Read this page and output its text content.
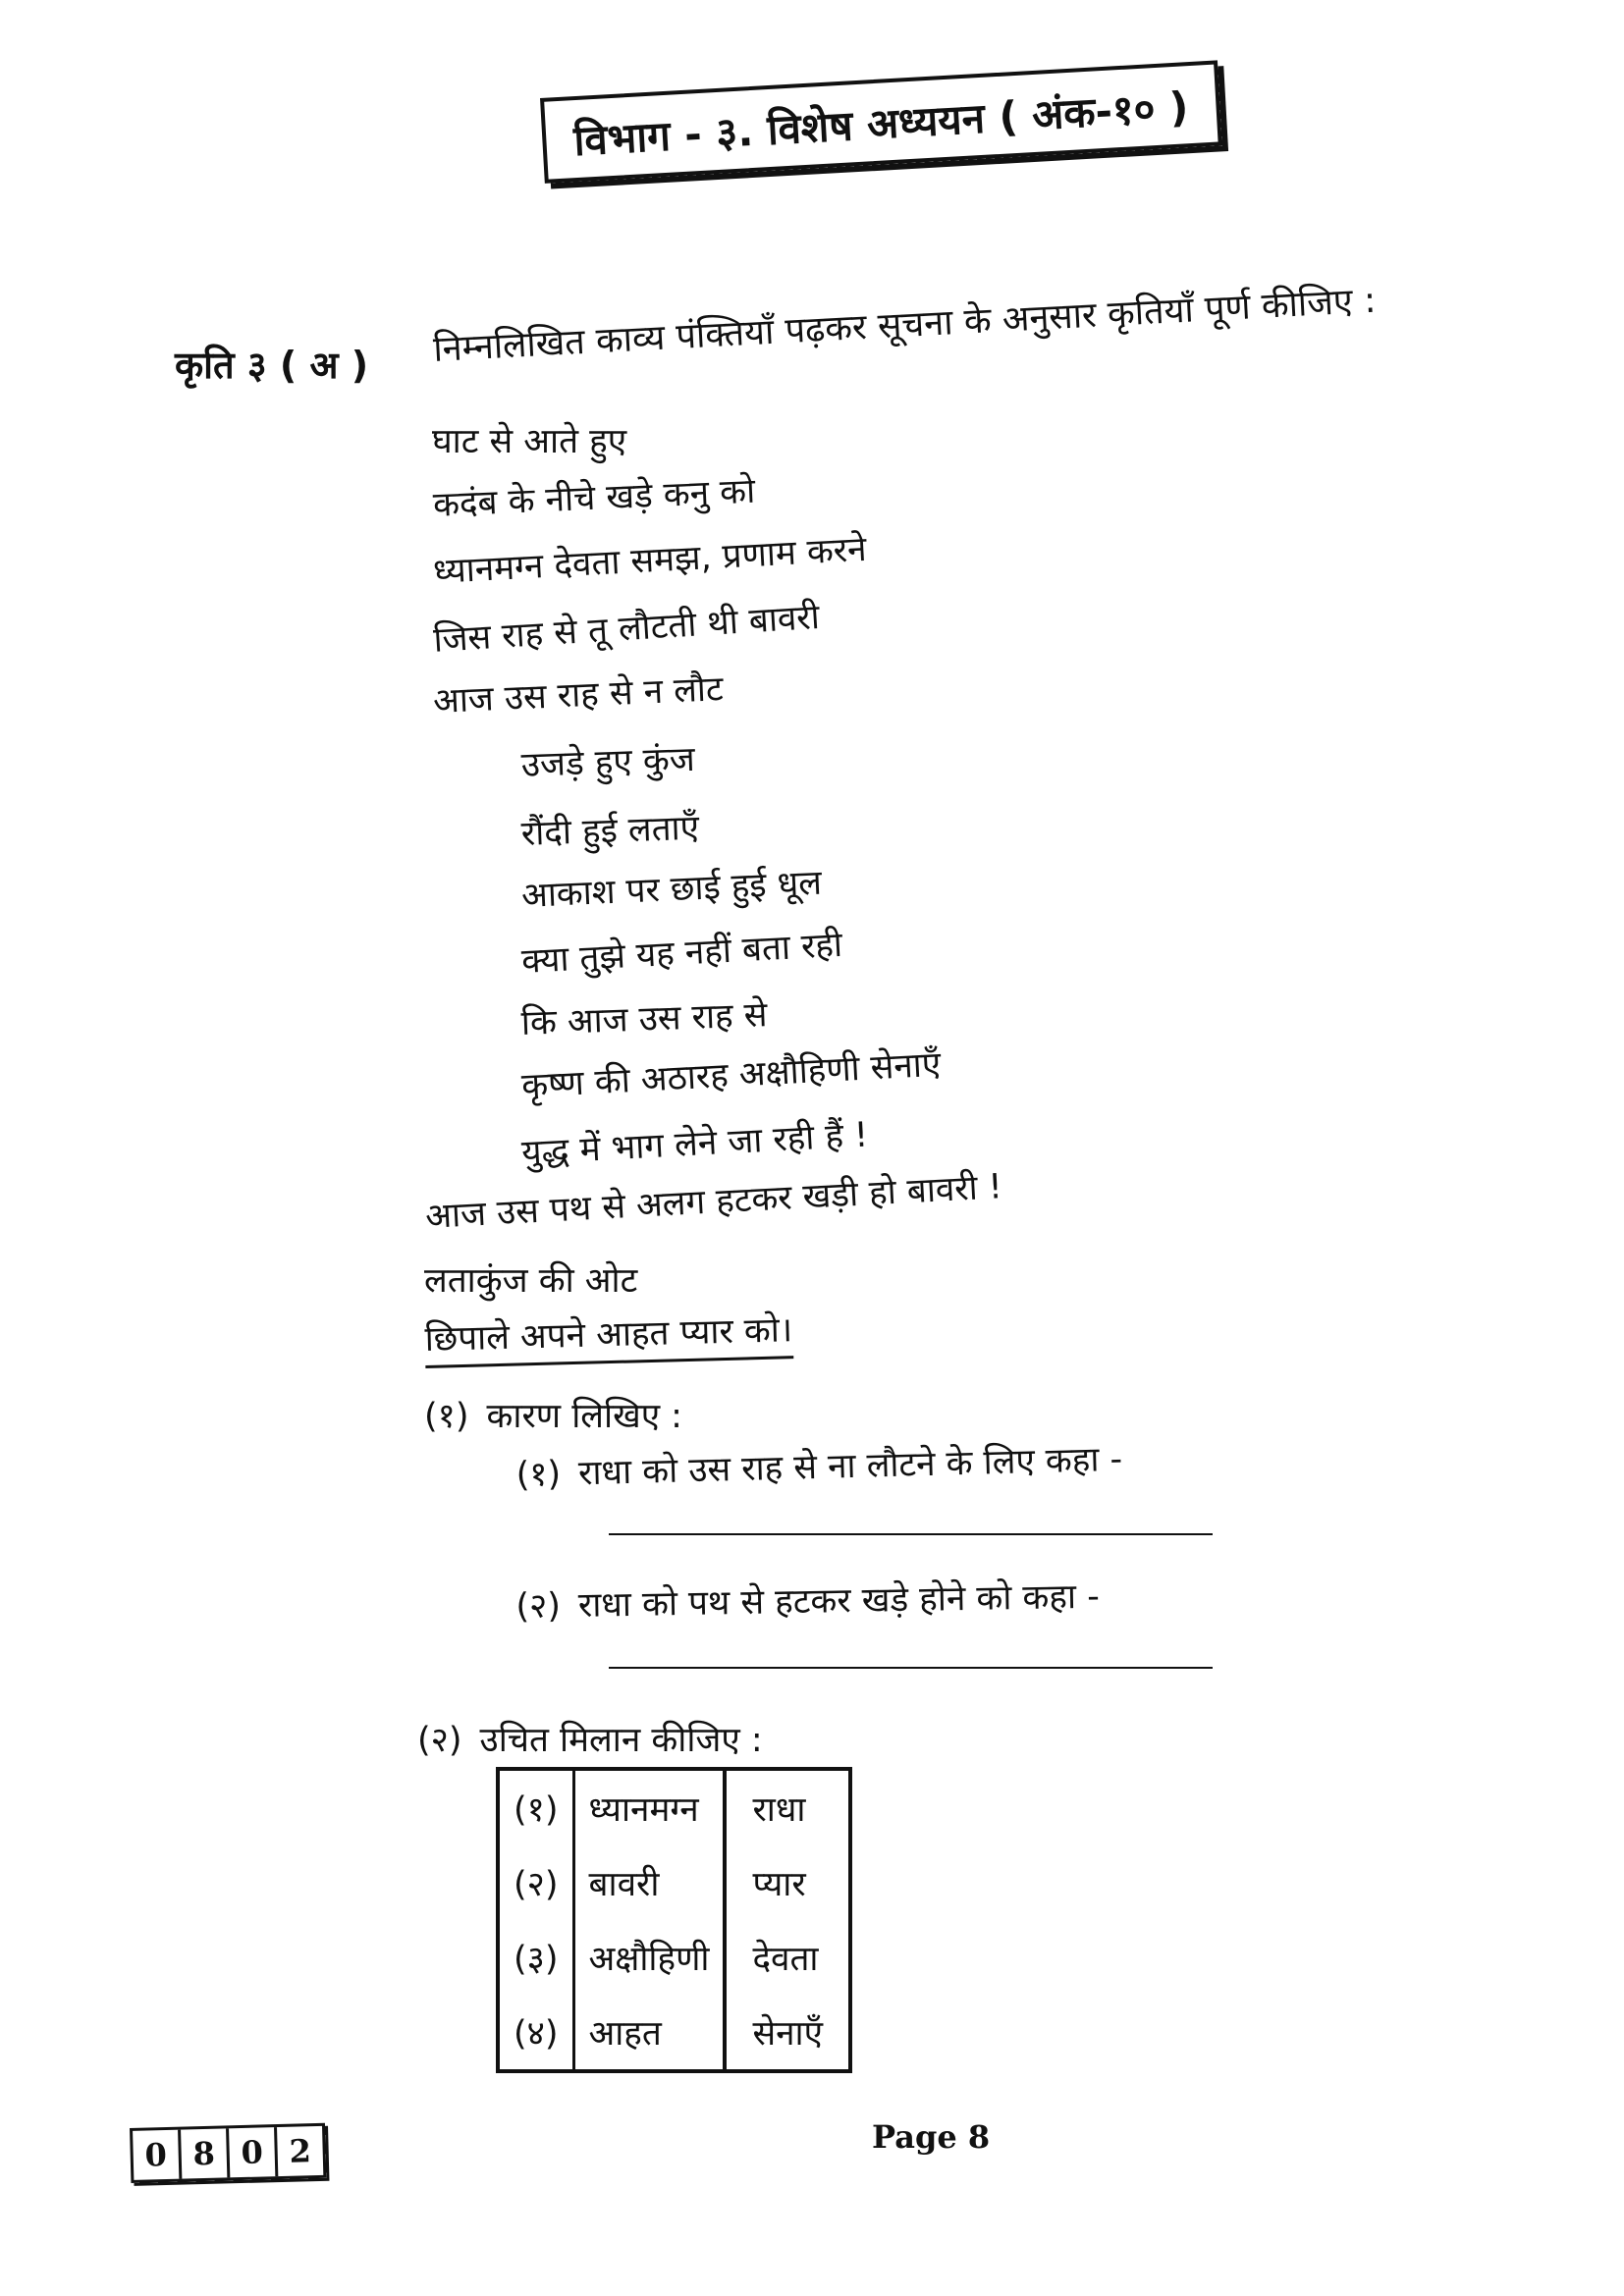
विभाग - ३. विशेष अध्ययन ( अंक-१० )
कृति ३ ( अ ) निम्नलिखित काव्य पंक्तियाँ पढ़कर सूचना के अनुसार कृतियाँ पूर्ण कीजिए :
घाट से आते हुए
कदंब के नीचे खड़े कनु को
ध्यानमग्न देवता समझ, प्रणाम करने
जिस राह से तू लौटती थी बावरी
आज उस राह से न लौट
उजड़े हुए कुंज
रौंदी हुई लताएँ
आकाश पर छाई हुई धूल
क्या तुझे यह नहीं बता रही
कि आज उस राह से
कृष्ण की अठारह अक्षौहिणी सेनाएँ
युद्ध में भाग लेने जा रही हैं !
आज उस पथ से अलग हटकर खड़ी हो बावरी !
लताकुंज की ओट
छिपाले अपने आहत प्यार को।
(१) कारण लिखिए :
(१) राधा को उस राह से ना लौटने के लिए कहा -
(२) राधा को पथ से हटकर खड़े होने को कहा -
(२) उचित मिलान कीजिए :
(१)	ध्यानमग्न	राधा
(२)	बावरी	प्यार
(३)	अक्षौहिणी	देवता
(४)	आहत	सेनाएँ
0 8 0 2	Page 8
